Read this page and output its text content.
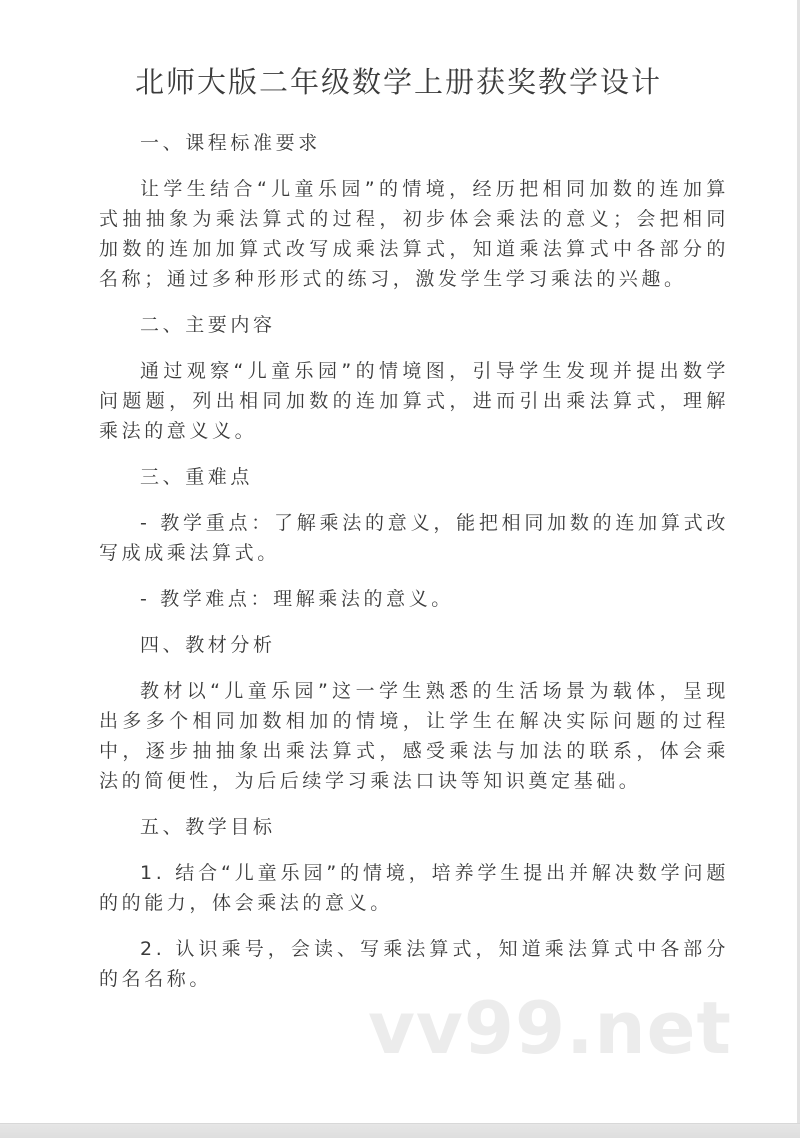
北师大版二年级数学上册获奖教学设计
一、课程标准要求

让学生结合“儿童乐园”的情境，经历把相同加数的连加算式抽抽象为乘法算式的过程，初步体会乘法的意义；会把相同加数的连加加算式改写成乘法算式，知道乘法算式中各部分的名称；通过多种形形式的练习，激发学生学习乘法的兴趣。

二、主要内容

通过观察“儿童乐园”的情境图，引导学生发现并提出数学问题题，列出相同加数的连加算式，进而引出乘法算式，理解乘法的意义义。

三、重难点

- 教学重点：了解乘法的意义，能把相同加数的连加算式改写成成乘法算式。

- 教学难点：理解乘法的意义。

四、教材分析

教材以“儿童乐园”这一学生熟悉的生活场景为载体，呈现出多多个相同加数相加的情境，让学生在解决实际问题的过程中，逐步抽抽象出乘法算式，感受乘法与加法的联系，体会乘法的简便性，为后后续学习乘法口诀等知识奠定基础。

五、教学目标

1. 结合“儿童乐园”的情境，培养学生提出并解决数学问题的的能力，体会乘法的意义。

2. 认识乘号，会读、写乘法算式，知道乘法算式中各部分的名名称。

vv99.net
